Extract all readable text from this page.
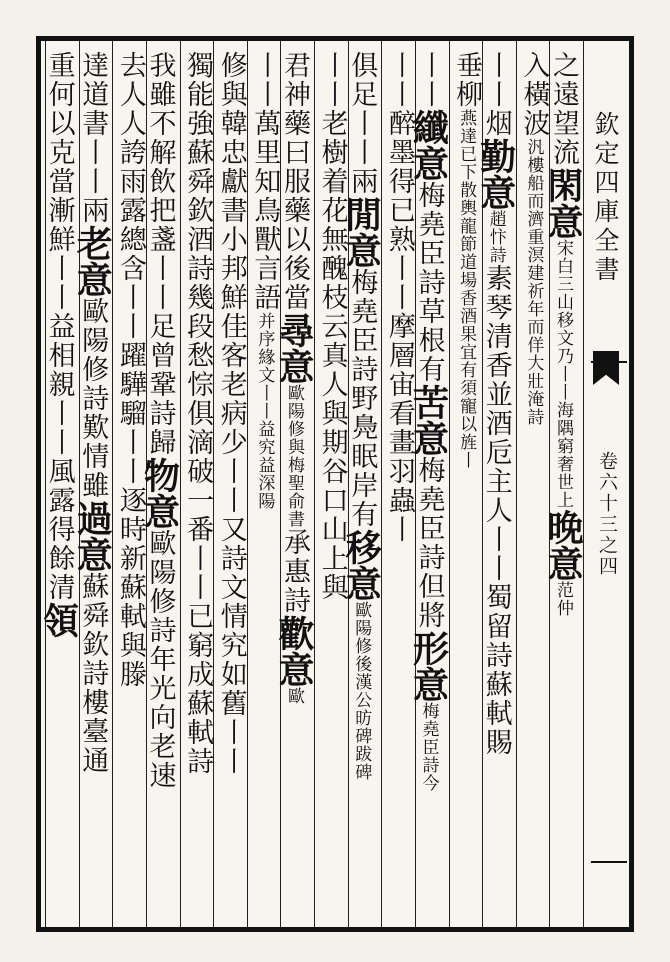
之遠望流閑意宋白三山移文乃丨丨海隅窮奢世上晚意范仲
入橫波汎樓船而濟重溟建祈年而佯大壯淹詩
丨丨烟勤意趙忭詩素琴清香並酒卮主人丨丨蜀留詩蘇軾賜
垂柳燕達已下散輿龍節道場香酒果宜有須寵以旌丨
丨丨纖意梅堯臣詩草根有苦意梅堯臣詩但將形意梅堯臣詩今
丨丨醉墨得已熟丨丨摩層宙看畫羽蟲丨
俱足丨丨兩閒意梅堯臣詩野鳧眠岸有移意歐陽修後漢公昉碑跋碑
丨丨老樹着花無醜枝云真人與期谷口山上與
君神藥曰服藥以後當尋意歐陽修與梅聖俞書承惠詩歡意歐
丨丨萬里知鳥獸言語并序緣文丨丨益究益深陽
修與韓忠獻書小邦鮮佳客老病少丨丨又詩文情究如舊丨丨
獨能強蘇舜欽酒詩幾段愁悰俱滴破一番丨丨已窮成蘇軾詩
我雖不解飲把盞丨丨足曾鞏詩歸物意歐陽修詩年光向老速
去人人誇雨露總含丨丨躍驊騮丨丨逐時新蘇軾與滕
達道書丨丨兩老意歐陽修詩歎情雖過意蘇舜欽詩樓臺通
重何以克當漸鮮丨丨益相親丨丨風露得餘清領
欽定四庫全書
卷六十三之四
